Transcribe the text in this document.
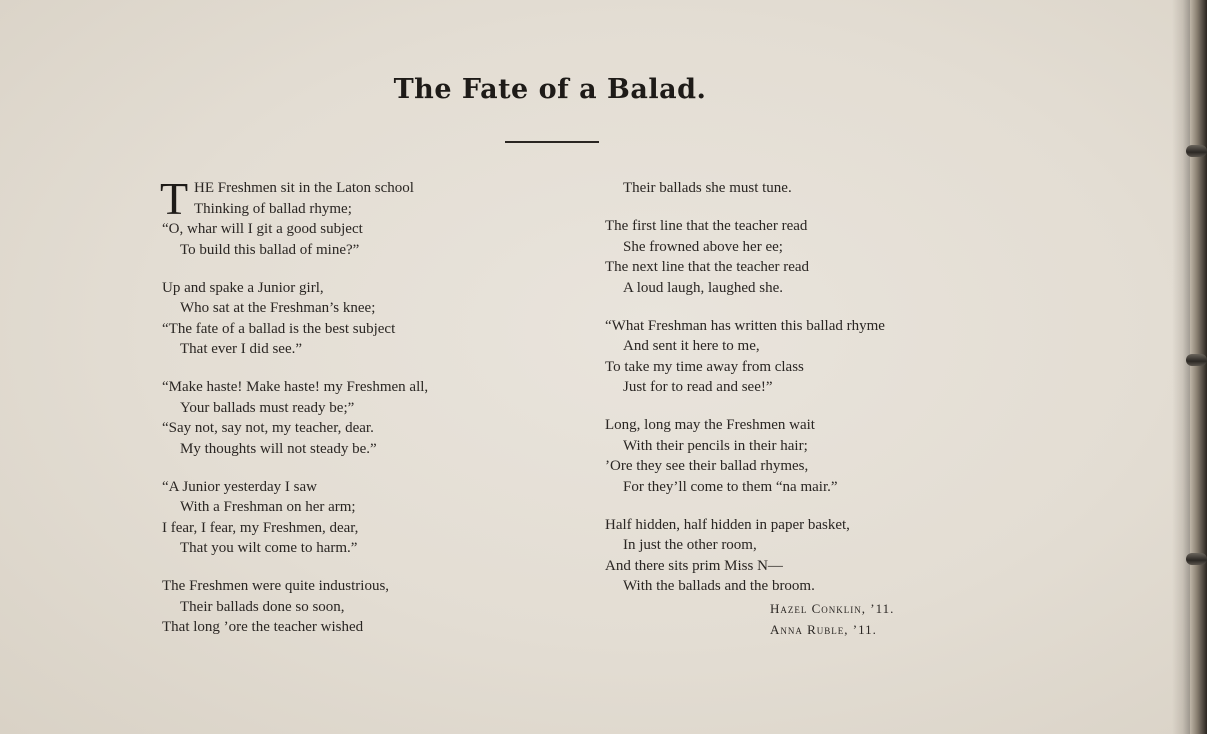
The Fate of a Balad.
T HE Freshmen sit in the Laton school
Thinking of ballad rhyme;
“O, whar will I git a good subject
To build this ballad of mine?”
Up and spake a Junior girl,
Who sat at the Freshman’s knee;
“The fate of a ballad is the best subject
That ever I did see.”
“Make haste! Make haste! my Freshmen all,
Your ballads must ready be;”
“Say not, say not, my teacher, dear.
My thoughts will not steady be.”
“A Junior yesterday I saw
With a Freshman on her arm;
I fear, I fear, my Freshmen, dear,
That you wilt come to harm.”
The Freshmen were quite industrious,
Their ballads done so soon,
That long ’ore the teacher wished
Their ballads she must tune.
The first line that the teacher read
She frowned above her ee;
The next line that the teacher read
A loud laugh, laughed she.
“What Freshman has written this ballad rhyme
And sent it here to me,
To take my time away from class
Just for to read and see!”
Long, long may the Freshmen wait
With their pencils in their hair;
’Ore they see their ballad rhymes,
For they’ll come to them “na mair.”
Half hidden, half hidden in paper basket,
In just the other room,
And there sits prim Miss N—
With the ballads and the broom.
Hazel Conklin, ’11.
Anna Ruble, ’11.
